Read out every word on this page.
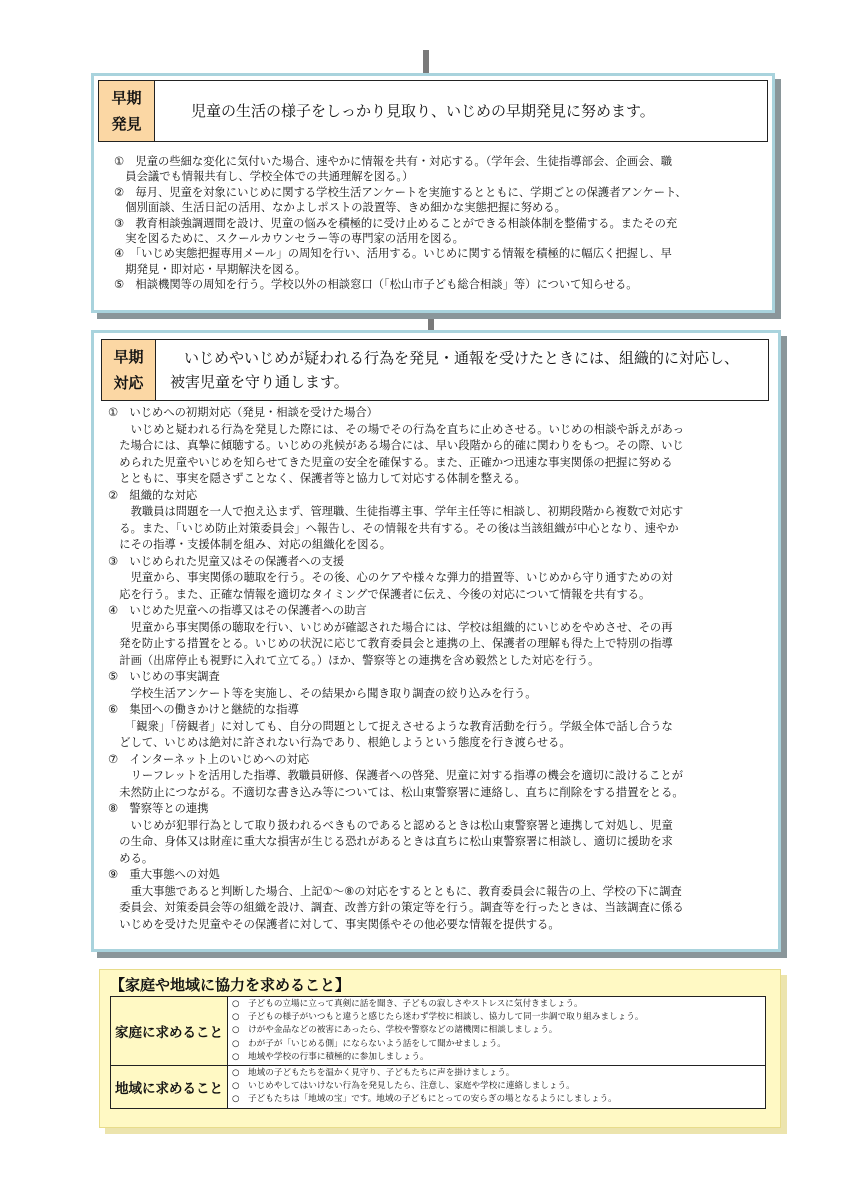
早期
発見
児童の生活の様子をしっかり見取り、いじめの早期発見に努めます。
①　児童の些細な変化に気付いた場合、速やかに情報を共有・対応する。（学年会、生徒指導部会、企画会、職
　員会議でも情報共有し、学校全体での共通理解を図る。）
②　毎月、児童を対象にいじめに関する学校生活アンケートを実施するとともに、学期ごとの保護者アンケート、
　個別面談、生活日記の活用、なかよしポストの設置等、きめ細かな実態把握に努める。
③　教育相談強調週間を設け、児童の悩みを積極的に受け止めることができる相談体制を整備する。またその充
　実を図るために、スクールカウンセラー等の専門家の活用を図る。
④　「いじめ実態把握専用メール」の周知を行い、活用する。いじめに関する情報を積極的に幅広く把握し、早
　期発見・即対応・早期解決を図る。
⑤　相談機関等の周知を行う。学校以外の相談窓口（「松山市子ども総合相談」等）について知らせる。
早期
対応
いじめやいじめが疑われる行為を発見・通報を受けたときには、組織的に対応し、
被害児童を守り通します。
①　いじめへの初期対応（発見・相談を受けた場合）
　　いじめと疑われる行為を発見した際には、その場でその行為を直ちに止めさせる。いじめの相談や訴えがあっ
　た場合には、真摯に傾聴する。いじめの兆候がある場合には、早い段階から的確に関わりをもつ。その際、いじ
　められた児童やいじめを知らせてきた児童の安全を確保する。また、正確かつ迅速な事実関係の把握に努める
　とともに、事実を隠さずことなく、保護者等と協力して対応する体制を整える。
②　組織的な対応
　　教職員は問題を一人で抱え込まず、管理職、生徒指導主事、学年主任等に相談し、初期段階から複数で対応す
　る。また、「いじめ防止対策委員会」へ報告し、その情報を共有する。その後は当該組織が中心となり、速やか
　にその指導・支援体制を組み、対応の組織化を図る。
③　いじめられた児童又はその保護者への支援
　　児童から、事実関係の聴取を行う。その後、心のケアや様々な弾力的措置等、いじめから守り通すための対
　応を行う。また、正確な情報を適切なタイミングで保護者に伝え、今後の対応について情報を共有する。
④　いじめた児童への指導又はその保護者への助言
　　児童から事実関係の聴取を行い、いじめが確認された場合には、学校は組織的にいじめをやめさせ、その再
　発を防止する措置をとる。いじめの状況に応じて教育委員会と連携の上、保護者の理解も得た上で特別の指導
　計画（出席停止も視野に入れて立てる。）ほか、警察等との連携を含め毅然とした対応を行う。
⑤　いじめの事実調査
　　学校生活アンケート等を実施し、その結果から聞き取り調査の絞り込みを行う。
⑥　集団への働きかけと継続的な指導
　　「観衆」「傍観者」に対しても、自分の問題として捉えさせるような教育活動を行う。学級全体で話し合うな
　どして、いじめは絶対に許されない行為であり、根絶しようという態度を行き渡らせる。
⑦　インターネット上のいじめへの対応
　　リーフレットを活用した指導、教職員研修、保護者への啓発、児童に対する指導の機会を適切に設けることが
　未然防止につながる。不適切な書き込み等については、松山東警察署に連絡し、直ちに削除をする措置をとる。
⑧　警察等との連携
　　いじめが犯罪行為として取り扱われるべきものであると認めるときは松山東警察署と連携して対処し、児童
　の生命、身体又は財産に重大な損害が生じる恐れがあるときは直ちに松山東警察署に相談し、適切に援助を求
　める。
⑨　重大事態への対処
　　重大事態であると判断した場合、上記①～⑧の対応をするとともに、教育委員会に報告の上、学校の下に調査
　委員会、対策委員会等の組織を設け、調査、改善方針の策定等を行う。調査等を行ったときは、当該調査に係る
　いじめを受けた児童やその保護者に対して、事実関係やその他必要な情報を提供する。
【家庭や地域に協力を求めること】
家庭に求めること	○　子どもの立場に立って真剣に話を聞き、子どもの寂しさやストレスに気付きましょう。
○　子どもの様子がいつもと違うと感じたら迷わず学校に相談し、協力して同一歩調で取り組みましょう。
○　けがや金品などの被害にあったら、学校や警察などの諸機関に相談しましょう。
○　わが子が「いじめる側」にならないよう話をして聞かせましょう。
○　地域や学校の行事に積極的に参加しましょう。

地域に求めること	○　地域の子どもたちを温かく見守り、子どもたちに声を掛けましょう。
○　いじめやしてはいけない行為を発見したら、注意し、家庭や学校に連絡しましょう。
○　子どもたちは「地域の宝」です。地域の子どもにとっての安らぎの場となるようにしましょう。
